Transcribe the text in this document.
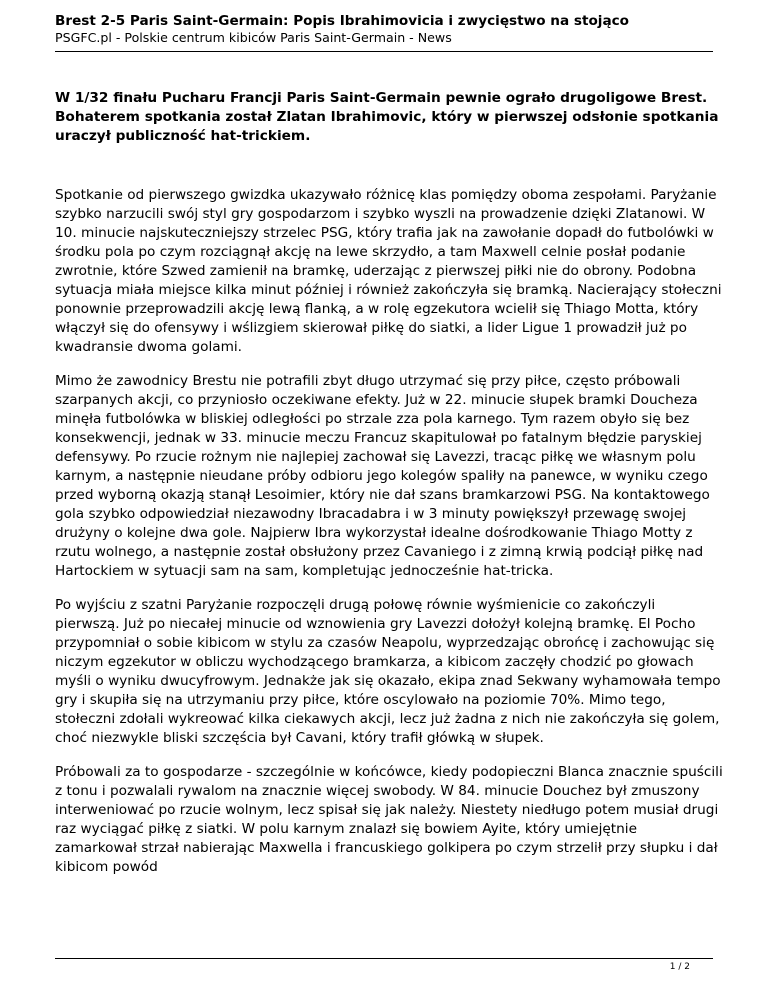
Brest 2-5 Paris Saint-Germain: Popis Ibrahimovicia i zwycięstwo na stojąco
PSGFC.pl - Polskie centrum kibiców Paris Saint-Germain - News

W 1/32 finału Pucharu Francji Paris Saint-Germain pewnie ograło drugoligowe Brest. Bohaterem spotkania został Zlatan Ibrahimovic, który w pierwszej odsłonie spotkania uraczył publiczność hat-trickiem.

Spotkanie od pierwszego gwizdka ukazywało różnicę klas pomiędzy oboma zespołami. Paryżanie szybko narzucili swój styl gry gospodarzom i szybko wyszli na prowadzenie dzięki Zlatanowi. W 10. minucie najskuteczniejszy strzelec PSG, który trafia jak na zawołanie dopadł do futbolówki w środku pola po czym rozciągnął akcję na lewe skrzydło, a tam Maxwell celnie posłał podanie zwrotnie, które Szwed zamienił na bramkę, uderzając z pierwszej piłki nie do obrony. Podobna sytuacja miała miejsce kilka minut później i również zakończyła się bramką. Nacierający stołeczni ponownie przeprowadzili akcję lewą flanką, a w rolę egzekutora wcielił się Thiago Motta, który włączył się do ofensywy i wślizgiem skierował piłkę do siatki, a lider Ligue 1 prowadził już po kwadransie dwoma golami.

Mimo że zawodnicy Brestu nie potrafili zbyt długo utrzymać się przy piłce, często próbowali szarpanych akcji, co przyniosło oczekiwane efekty. Już w 22. minucie słupek bramki Doucheza minęła futbolówka w bliskiej odległości po strzale zza pola karnego. Tym razem obyło się bez konsekwencji, jednak w 33. minucie meczu Francuz skapitulował po fatalnym błędzie paryskiej defensywy. Po rzucie rożnym nie najlepiej zachował się Lavezzi, tracąc piłkę we własnym polu karnym, a następnie nieudane próby odbioru jego kolegów spaliły na panewce, w wyniku czego przed wyborną okazją stanął Lesoimier, który nie dał szans bramkarzowi PSG. Na kontaktowego gola szybko odpowiedział niezawodny Ibracadabra i w 3 minuty powiększył przewagę swojej drużyny o kolejne dwa gole. Najpierw Ibra wykorzystał idealne dośrodkowanie Thiago Motty z rzutu wolnego, a następnie został obsłużony przez Cavaniego i z zimną krwią podciął piłkę nad Hartockiem w sytuacji sam na sam, kompletując jednocześnie hat-tricka.

Po wyjściu z szatni Paryżanie rozpoczęli drugą połowę równie wyśmienicie co zakończyli pierwszą. Już po niecałej minucie od wznowienia gry Lavezzi dołożył kolejną bramkę. El Pocho przypomniał o sobie kibicom w stylu za czasów Neapolu, wyprzedzając obrońcę i zachowując się niczym egzekutor w obliczu wychodzącego bramkarza, a kibicom zaczęły chodzić po głowach myśli o wyniku dwucyfrowym. Jednakże jak się okazało, ekipa znad Sekwany wyhamowała tempo gry i skupiła się na utrzymaniu przy piłce, które oscylowało na poziomie 70%. Mimo tego, stołeczni zdołali wykreować kilka ciekawych akcji, lecz już żadna z nich nie zakończyła się golem, choć niezwykle bliski szczęścia był Cavani, który trafił główką w słupek.

Próbowali za to gospodarze - szczególnie w końcówce, kiedy podopieczni Blanca znacznie spuścili z tonu i pozwalali rywalom na znacznie więcej swobody. W 84. minucie Douchez był zmuszony interweniować po rzucie wolnym, lecz spisał się jak należy. Niestety niedługo potem musiał drugi raz wyciągać piłkę z siatki. W polu karnym znalazł się bowiem Ayite, który umiejętnie zamarkował strzał nabierając Maxwella i francuskiego golkipera po czym strzelił przy słupku i dał kibicom powód

1 / 2
